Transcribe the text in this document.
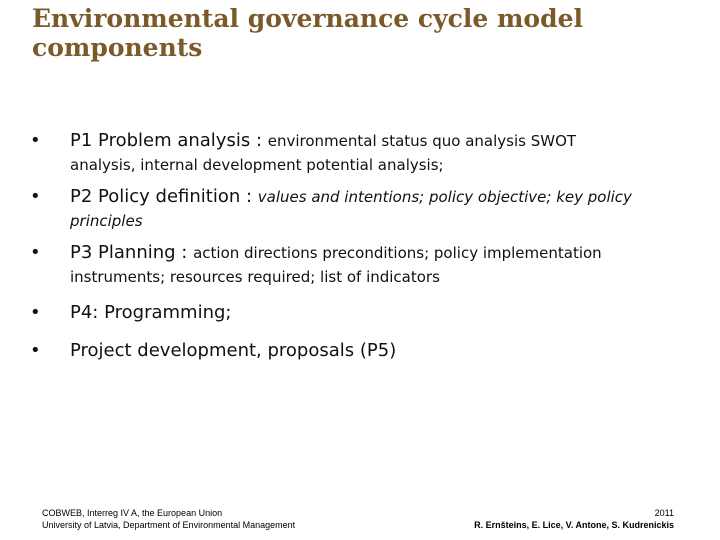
Environmental governance cycle model
components
• P1 Problem analysis : environmental status quo analysis SWOT
analysis, internal development potential analysis;
• P2 Policy definition : values and intentions; policy objective; key policy
principles
• P3 Planning : action directions preconditions; policy implementation
instruments; resources required; list of indicators
• P4: Programming;
• Project development, proposals (P5)
COBWEB, Interreg IV A, the European Union
University of Latvia, Department of Environmental Management
2011
R. Ernšteins, E. Lice, V. Antone, S. Kudrenickis
